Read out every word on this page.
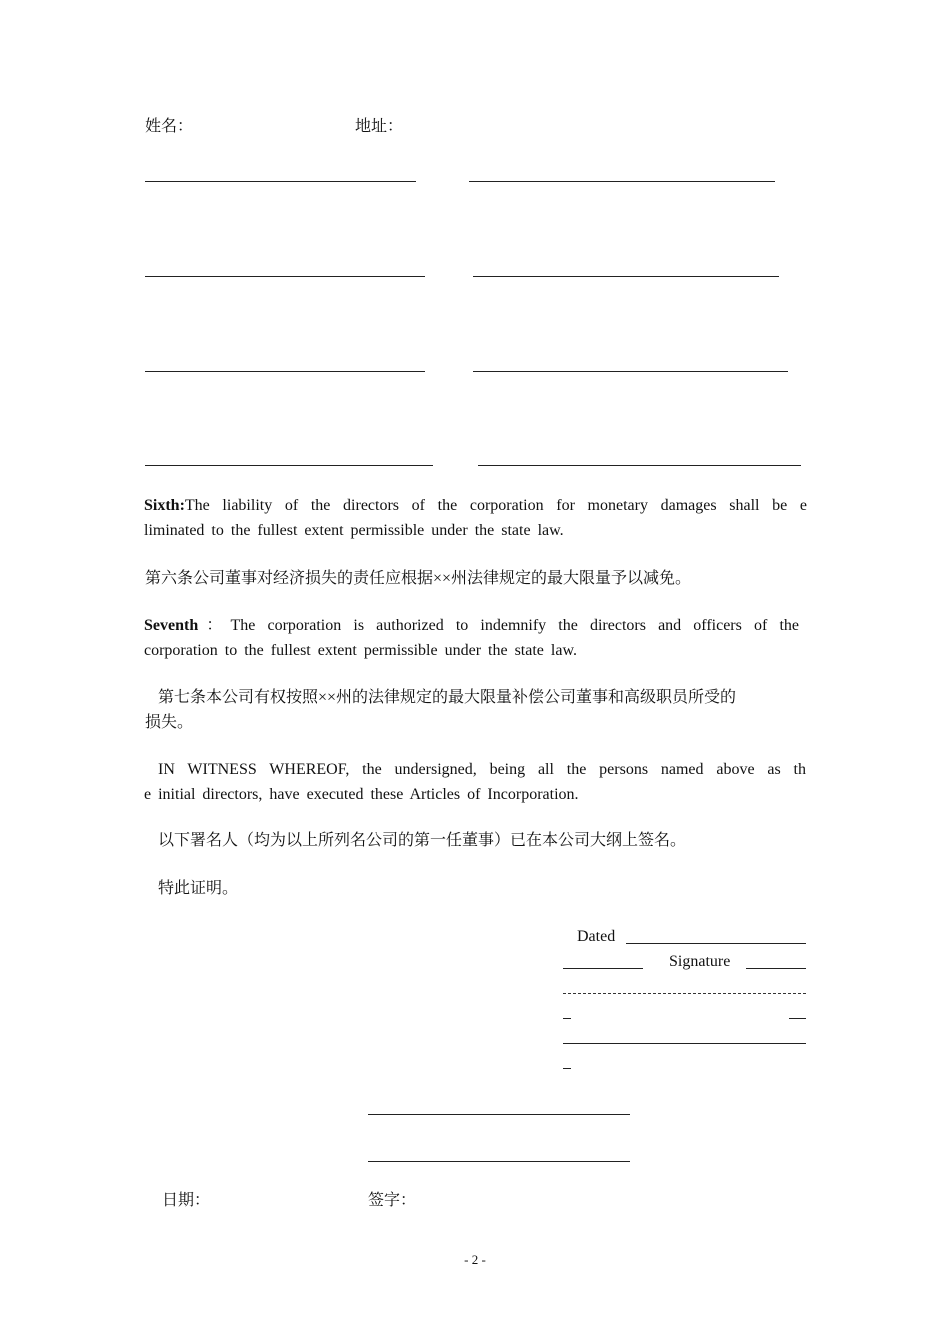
姓名：	地址：
Sixth:The liability of the directors of the corporation for monetary damages shall be e
liminated to the fullest extent permissible under the state law.
第六条公司董事对经济损失的责任应根据××州法律规定的最大限量予以减免。
Seventh：The corporation is authorized to indemnify the directors and officers of the
corporation to the fullest extent permissible under the state law.
第七条本公司有权按照××州的法律规定的最大限量补偿公司董事和高级职员所受的
损失。
IN WITNESS WHEREOF, the undersigned, being all the persons named above as th
e initial directors, have executed these Articles of Incorporation.
以下署名人（均为以上所列名公司的第一任董事）已在本公司大纲上签名。
特此证明。
Dated
Signature
日期：	签字：
- 2 -
